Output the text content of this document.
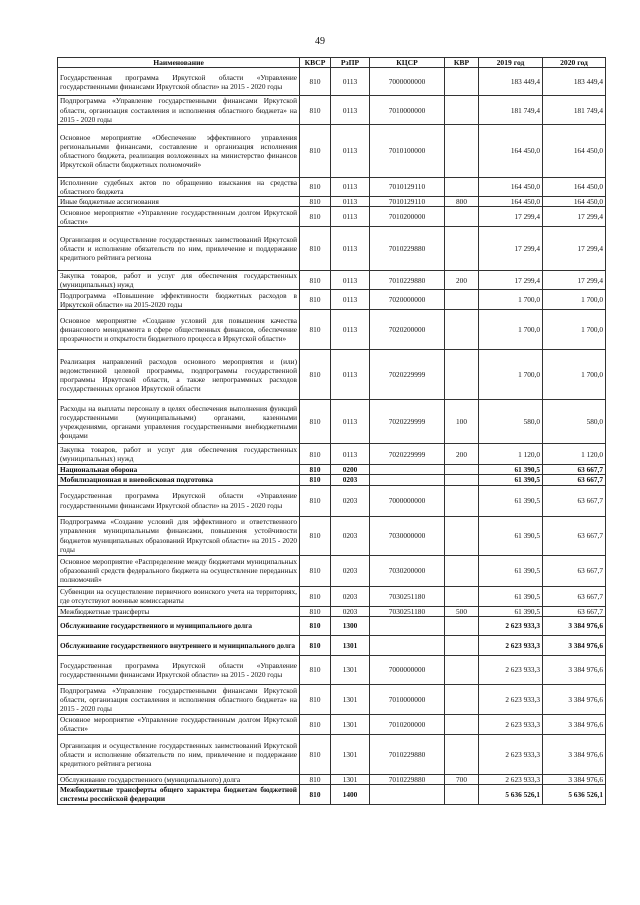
49
Наименование	КВСР	РзПР	КЦСР	КВР	2019 год	2020 год
Государственная программа Иркутской области «Управление государственными финансами Иркутской области» на 2015 - 2020 годы	810	0113	7000000000		183 449,4	183 449,4
Подпрограмма «Управление государственными финансами Иркутской области, организация составления и исполнения областного бюджета» на 2015 - 2020 годы	810	0113	7010000000		181 749,4	181 749,4
Основное мероприятие «Обеспечение эффективного управления региональными финансами, составление и организация исполнения областного бюджета, реализация возложенных на министерство финансов Иркутской области бюджетных полномочий»	810	0113	7010100000		164 450,0	164 450,0
Исполнение судебных актов по обращению взыскания на средства областного бюджета	810	0113	7010129110		164 450,0	164 450,0
Иные бюджетные ассигнования	810	0113	7010129110	800	164 450,0	164 450,0
Основное мероприятие «Управление государственным долгом Иркутской области»	810	0113	7010200000		17 299,4	17 299,4
Организация и осуществление государственных заимствований Иркутской области и исполнение обязательств по ним, привлечение и поддержание кредитного рейтинга региона	810	0113	7010229880		17 299,4	17 299,4
Закупка товаров, работ и услуг для обеспечения государственных (муниципальных) нужд	810	0113	7010229880	200	17 299,4	17 299,4
Подпрограмма «Повышение эффективности бюджетных расходов в Иркутской области» на 2015-2020 годы	810	0113	7020000000		1 700,0	1 700,0
Основное мероприятие «Создание условий для повышения качества финансового менеджмента в сфере общественных финансов, обеспечение прозрачности и открытости бюджетного процесса в Иркутской области»	810	0113	7020200000		1 700,0	1 700,0
Реализация направлений расходов основного мероприятия и (или) ведомственной целевой программы, подпрограммы государственной программы Иркутской области, а также непрограммных расходов государственных органов Иркутской области	810	0113	7020229999		1 700,0	1 700,0
Расходы на выплаты персоналу в целях обеспечения выполнения функций государственными (муниципальными) органами, казенными учреждениями, органами управления государственными внебюджетными фондами	810	0113	7020229999	100	580,0	580,0
Закупка товаров, работ и услуг для обеспечения государственных (муниципальных) нужд	810	0113	7020229999	200	1 120,0	1 120,0
Национальная оборона	810	0200			61 390,5	63 667,7
Мобилизационная и вневойсковая подготовка	810	0203			61 390,5	63 667,7
Государственная программа Иркутской области «Управление государственными финансами Иркутской области» на 2015 - 2020 годы	810	0203	7000000000		61 390,5	63 667,7
Подпрограмма «Создание условий для эффективного и ответственного управления муниципальными финансами, повышения устойчивости бюджетов муниципальных образований Иркутской области» на 2015 - 2020 годы	810	0203	7030000000		61 390,5	63 667,7
Основное мероприятие «Распределение между бюджетами муниципальных образований средств федерального бюджета на осуществление переданных полномочий»	810	0203	7030200000		61 390,5	63 667,7
Субвенции на осуществление первичного воинского учета на территориях, где отсутствуют военные комиссариаты	810	0203	7030251180		61 390,5	63 667,7
Межбюджетные трансферты	810	0203	7030251180	500	61 390,5	63 667,7
Обслуживание государственного и муниципального долга	810	1300			2 623 933,3	3 384 976,6
Обслуживание государственного внутреннего и муниципального долга	810	1301			2 623 933,3	3 384 976,6
Государственная программа Иркутской области «Управление государственными финансами Иркутской области» на 2015 - 2020 годы	810	1301	7000000000		2 623 933,3	3 384 976,6
Подпрограмма «Управление государственными финансами Иркутской области, организация составления и исполнения областного бюджета» на 2015 - 2020 годы	810	1301	7010000000		2 623 933,3	3 384 976,6
Основное мероприятие «Управление государственным долгом Иркутской области»	810	1301	7010200000		2 623 933,3	3 384 976,6
Организация и осуществление государственных заимствований Иркутской области и исполнение обязательств по ним, привлечение и поддержание кредитного рейтинга региона	810	1301	7010229880		2 623 933,3	3 384 976,6
Обслуживание государственного (муниципального) долга	810	1301	7010229880	700	2 623 933,3	3 384 976,6
Межбюджетные трансферты общего характера бюджетам бюджетной системы российской федерации	810	1400			5 636 526,1	5 636 526,1
